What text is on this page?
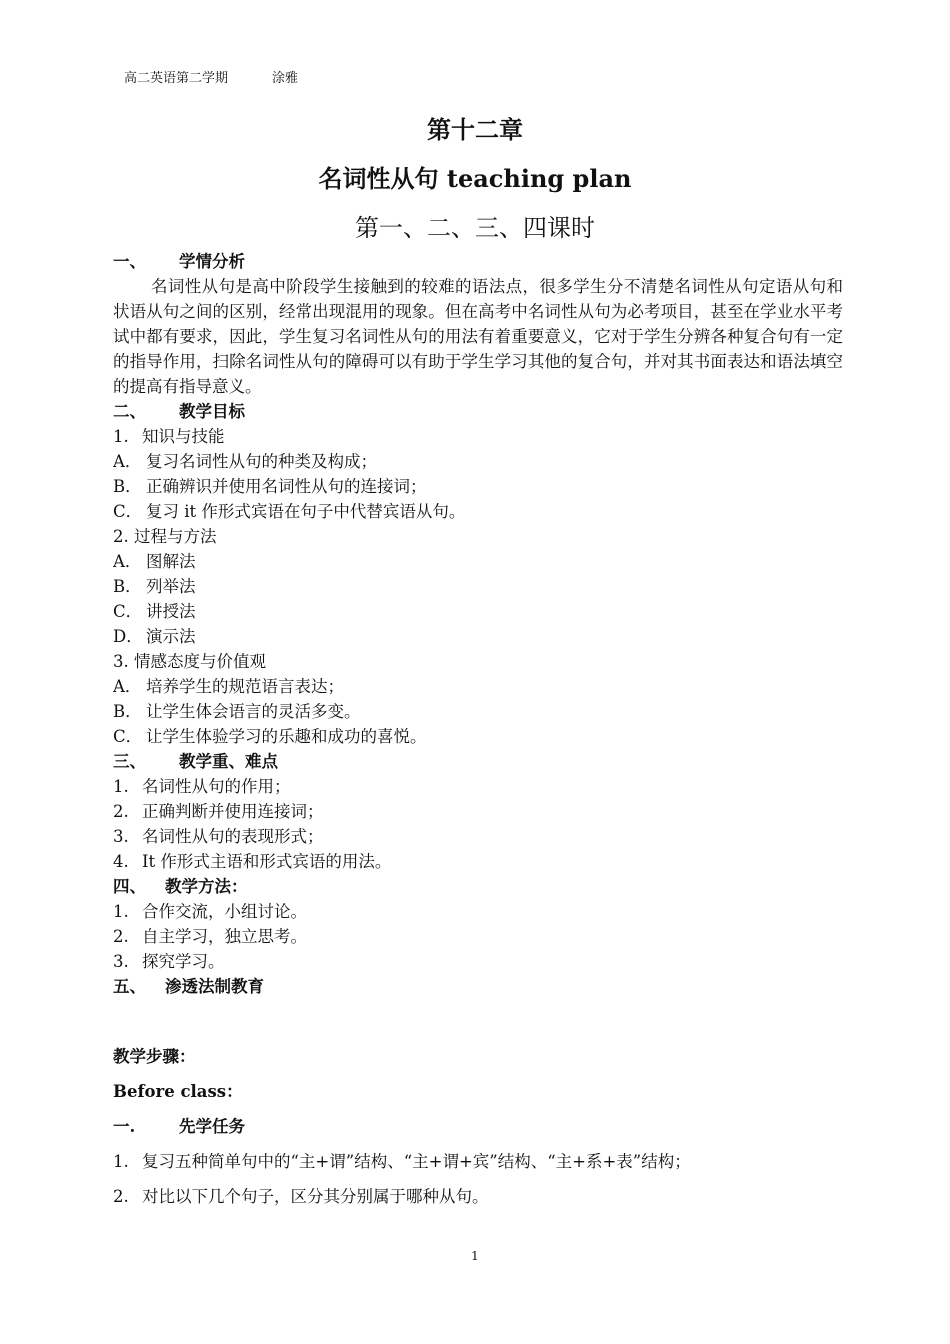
高二英语第二学期	涂雅
第十二章
名词性从句 teaching plan
第一、二、三、四课时
一、 学情分析
名词性从句是高中阶段学生接触到的较难的语法点，很多学生分不清楚名词性从句定语从句和状语从句之间的区别，经常出现混用的现象。但在高考中名词性从句为必考项目，甚至在学业水平考试中都有要求，因此，学生复习名词性从句的用法有着重要意义，它对于学生分辨各种复合句有一定的指导作用，扫除名词性从句的障碍可以有助于学生学习其他的复合句，并对其书面表达和语法填空的提高有指导意义。
二、 教学目标
1. 知识与技能
A． 复习名词性从句的种类及构成；
B． 正确辨识并使用名词性从句的连接词；
C． 复习 it 作形式宾语在句子中代替宾语从句。
2. 过程与方法
A． 图解法
B． 列举法
C． 讲授法
D． 演示法
3. 情感态度与价值观
A． 培养学生的规范语言表达；
B． 让学生体会语言的灵活多变。
C． 让学生体验学习的乐趣和成功的喜悦。
三、 教学重、难点
1. 名词性从句的作用；
2. 正确判断并使用连接词；
3. 名词性从句的表现形式；
4. It 作形式主语和形式宾语的用法。
四、 教学方法：
1. 合作交流，小组讨论。
2. 自主学习，独立思考。
3. 探究学习。
五、 渗透法制教育
教学步骤：
Before class：
一.	先学任务
1. 复习五种简单句中的“主+谓”结构、“主+谓+宾”结构、“主+系+表”结构；
2. 对比以下几个句子，区分其分别属于哪种从句。
1
